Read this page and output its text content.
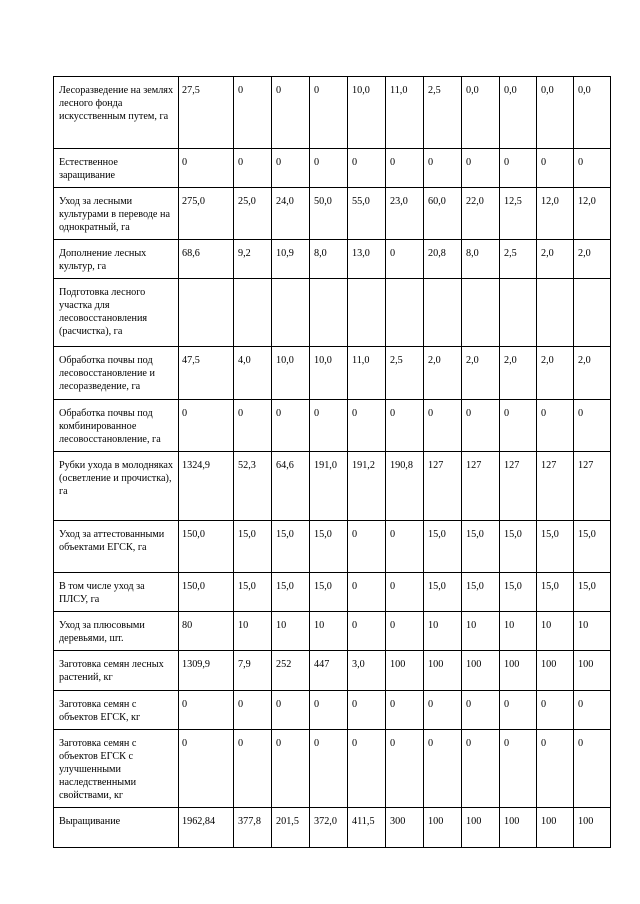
Лесоразведение на землях лесного фонда искусственным путем, га	27,5	0	0	0	10,0	11,0	2,5	0,0	0,0	0,0	0,0
Естественное заращивание	0	0	0	0	0	0	0	0	0	0	0
Уход за лесными культурами в переводе на однократный, га	275,0	25,0	24,0	50,0	55,0	23,0	60,0	22,0	12,5	12,0	12,0
Дополнение лесных культур, га	68,6	9,2	10,9	8,0	13,0	0	20,8	8,0	2,5	2,0	2,0
Подготовка лесного участка для лесовосстановления (расчистка), га											
Обработка почвы под лесовосстановление и лесоразведение, га	47,5	4,0	10,0	10,0	11,0	2,5	2,0	2,0	2,0	2,0	2,0
Обработка почвы под комбинированное лесовосстановление, га	0	0	0	0	0	0	0	0	0	0	0
Рубки ухода в молодняках (осветление и прочистка), га	1324,9	52,3	64,6	191,0	191,2	190,8	127	127	127	127	127
Уход за аттестованными объектами ЕГСК, га	150,0	15,0	15,0	15,0	0	0	15,0	15,0	15,0	15,0	15,0
В том числе уход за ПЛСУ, га	150,0	15,0	15,0	15,0	0	0	15,0	15,0	15,0	15,0	15,0
Уход за плюсовыми деревьями, шт.	80	10	10	10	0	0	10	10	10	10	10
Заготовка семян лесных растений, кг	1309,9	7,9	252	447	3,0	100	100	100	100	100	100
Заготовка семян с объектов ЕГСК, кг	0	0	0	0	0	0	0	0	0	0	0
Заготовка семян с объектов ЕГСК с улучшенными наследственными свойствами, кг	0	0	0	0	0	0	0	0	0	0	0
Выращивание	1962,84	377,8	201,5	372,0	411,5	300	100	100	100	100	100
